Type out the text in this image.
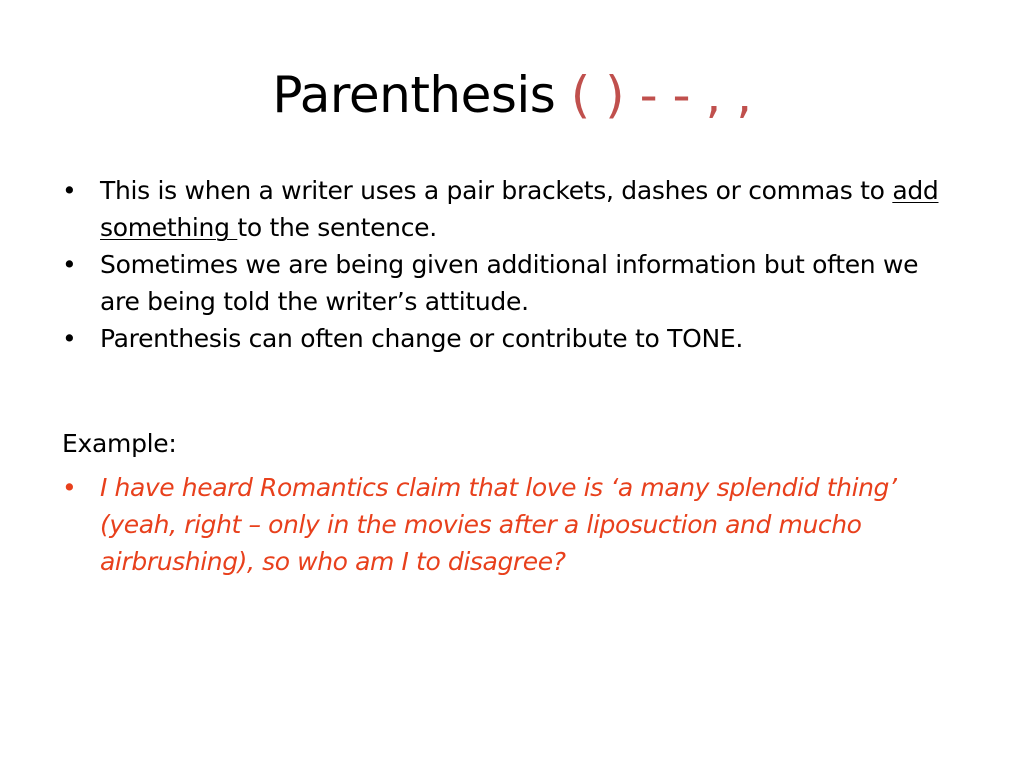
Parenthesis ( ) - - , ,
• This is when a writer uses a pair brackets, dashes or commas to add something to the sentence.
• Sometimes we are being given additional information but often we are being told the writer’s attitude.
• Parenthesis can often change or contribute to TONE.
Example:
• I have heard Romantics claim that love is ‘a many splendid thing’ (yeah, right – only in the movies after a liposuction and mucho airbrushing), so who am I to disagree?
